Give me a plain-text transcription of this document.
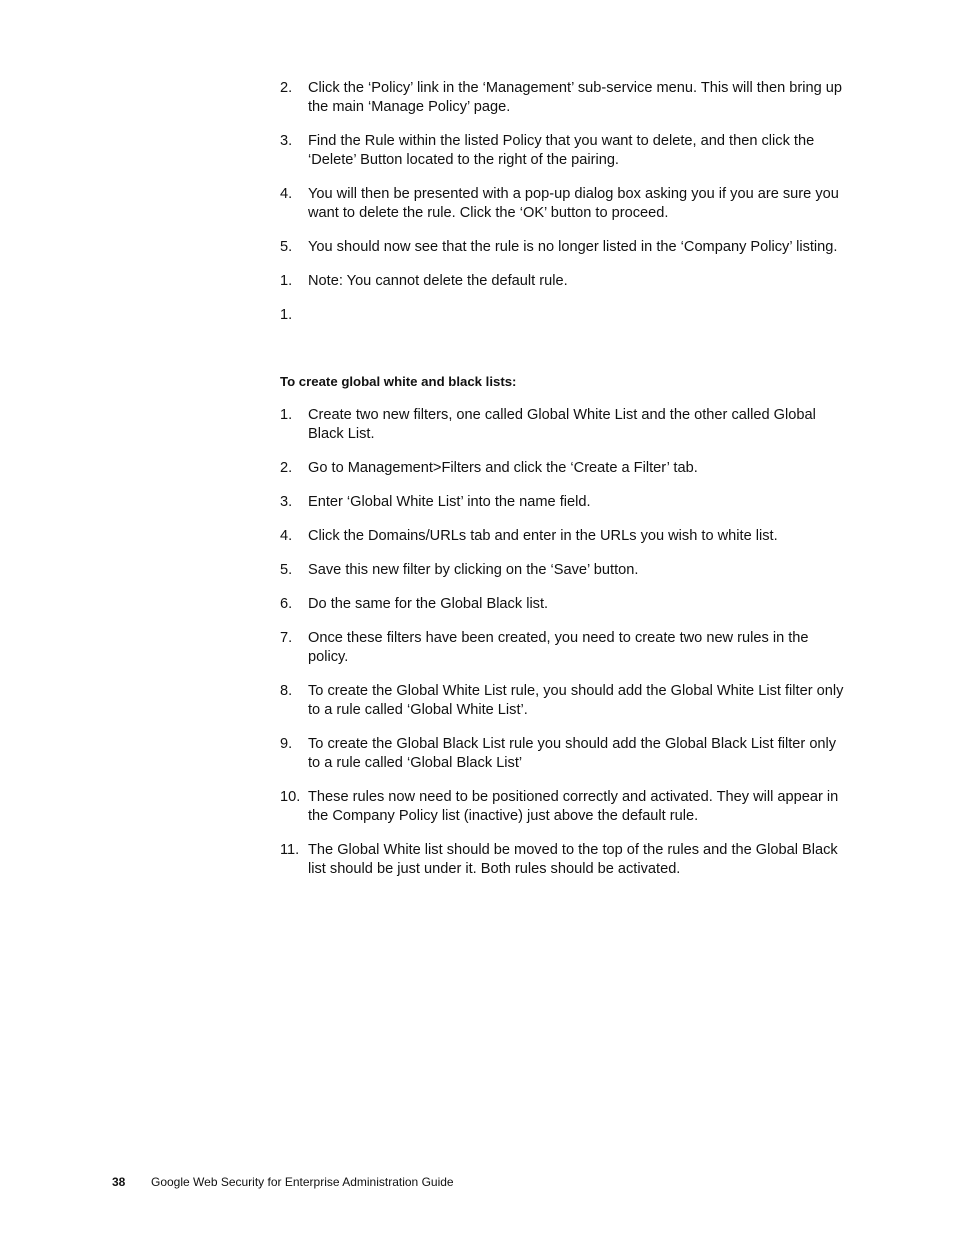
2.	Click the ‘Policy’ link in the ‘Management’ sub-service menu. This will then bring up the main ‘Manage Policy’ page.
3.	Find the Rule within the listed Policy that you want to delete, and then click the ‘Delete’ Button located to the right of the pairing.
4.	You will then be presented with a pop-up dialog box asking you if you are sure you want to delete the rule. Click the ‘OK’ button to proceed.
5.	You should now see that the rule is no longer listed in the ‘Company Policy’ listing.
1.	Note: You cannot delete the default rule.
1.

To create global white and black lists:

1.	Create two new filters, one called Global White List and the other called Global Black List.
2.	Go to Management>Filters and click the ‘Create a Filter’ tab.
3.	Enter ‘Global White List’ into the name field.
4.	Click the Domains/URLs tab and enter in the URLs you wish to white list.
5.	Save this new filter by clicking on the ‘Save’ button.
6.	Do the same for the Global Black list.
7.	Once these filters have been created, you need to create two new rules in the policy.
8.	To create the Global White List rule, you should add the Global White List filter only to a rule called ‘Global White List’.
9.	To create the Global Black List rule you should add the Global Black List filter only to a rule called ‘Global Black List’
10. These rules now need to be positioned correctly and activated. They will appear in the Company Policy list (inactive) just above the default rule.
11. The Global White list should be moved to the top of the rules and the Global Black list should be just under it. Both rules should be activated.
38	Google Web Security for Enterprise Administration Guide
